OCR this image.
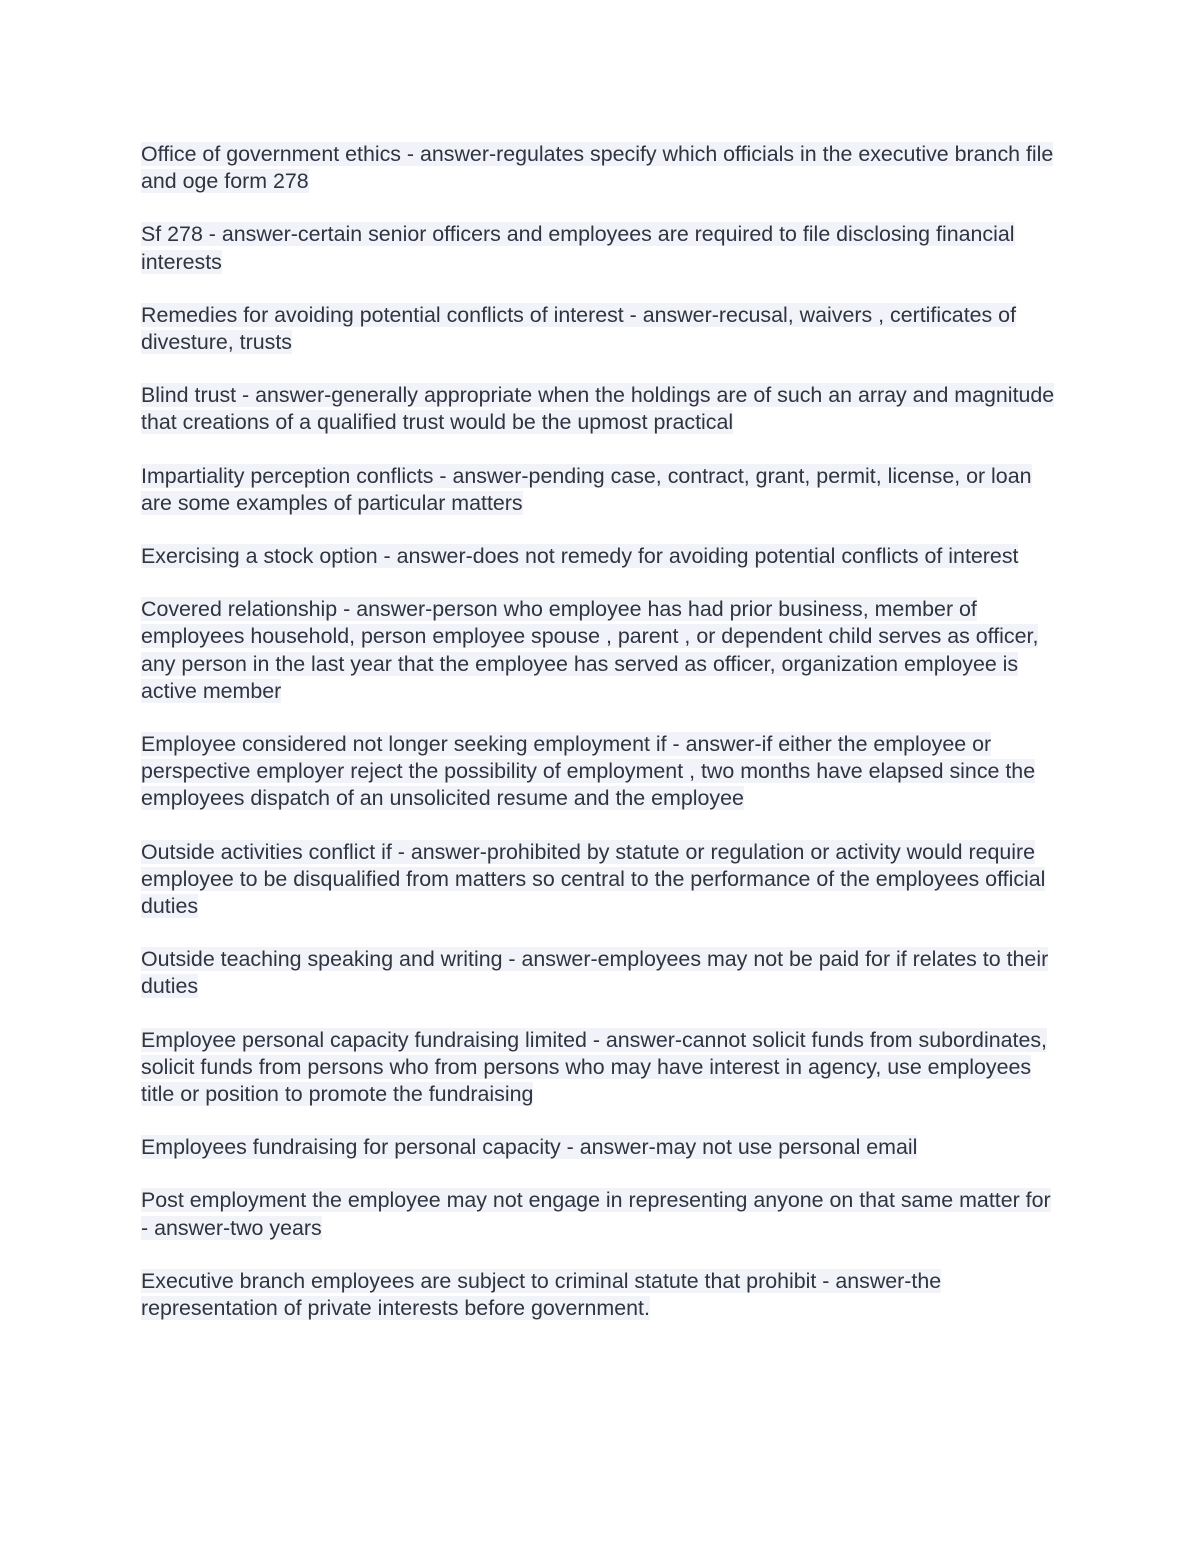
Office of government ethics - answer-regulates specify which officials in the executive branch file and oge form 278

Sf 278 - answer-certain senior officers and employees are required to file disclosing financial interests

Remedies for avoiding potential conflicts of interest - answer-recusal, waivers , certificates of divesture, trusts

Blind trust - answer-generally appropriate when the holdings are of such an array and magnitude that creations of a qualified trust would be the upmost practical

Impartiality perception conflicts - answer-pending case, contract, grant, permit, license, or loan are some examples of particular matters

Exercising a stock option - answer-does not remedy for avoiding potential conflicts of interest

Covered relationship - answer-person who employee has had prior business, member of employees household, person employee spouse , parent , or dependent child serves as officer, any person in the last year that the employee has served as officer, organization employee is active member

Employee considered not longer seeking employment if - answer-if either the employee or perspective employer reject the possibility of employment , two months have elapsed since the employees dispatch of an unsolicited resume and the employee

Outside activities conflict if - answer-prohibited by statute or regulation or activity would require employee to be disqualified from matters so central to the performance of the employees official duties

Outside teaching speaking and writing - answer-employees may not be paid for if relates to their duties

Employee personal capacity fundraising limited - answer-cannot solicit funds from subordinates, solicit funds from persons who from persons who may have interest in agency, use employees title or position to promote the fundraising

Employees fundraising for personal capacity - answer-may not use personal email

Post employment the employee may not engage in representing anyone on that same matter for - answer-two years

Executive branch employees are subject to criminal statute that prohibit - answer-the representation of private interests before government.
